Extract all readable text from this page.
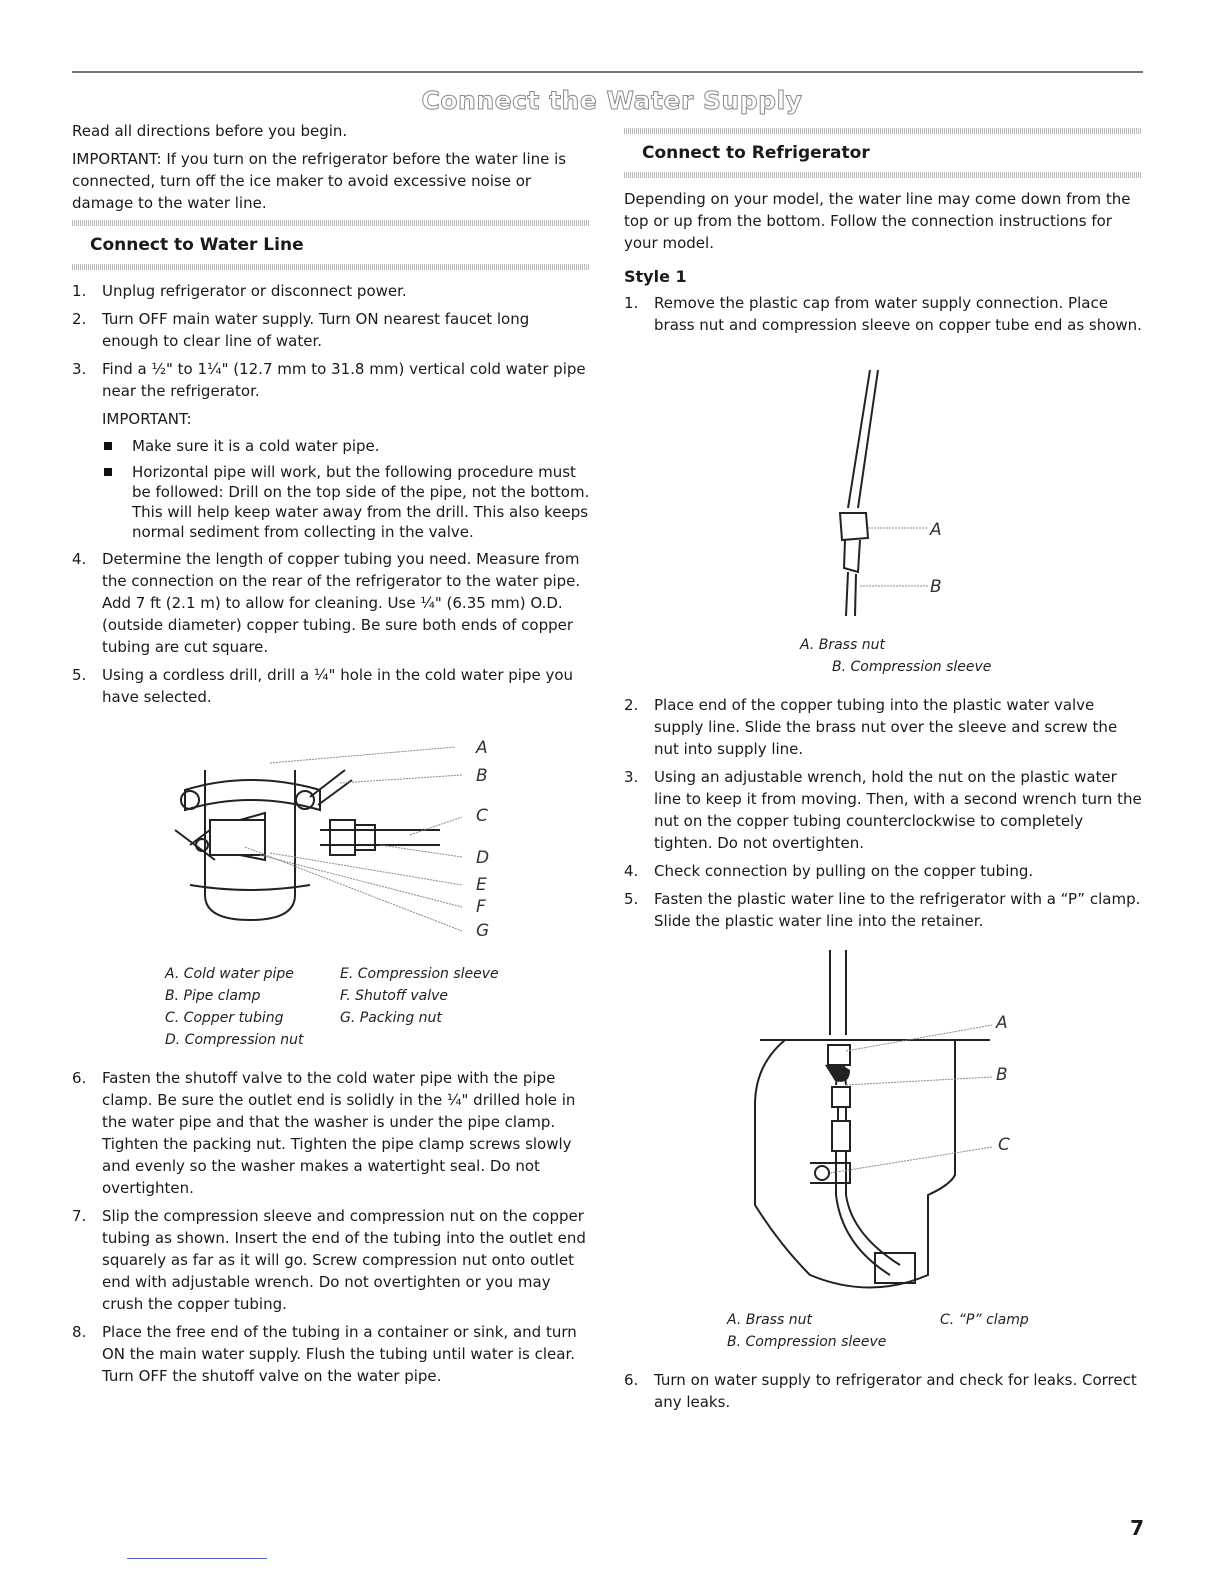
Connect the Water Supply

Read all directions before you begin.

IMPORTANT: If you turn on the refrigerator before the water line is connected, turn off the ice maker to avoid excessive noise or damage to the water line.

Connect to Water Line
1. Unplug refrigerator or disconnect power.
2. Turn OFF main water supply. Turn ON nearest faucet long enough to clear line of water.
3. Find a ½" to 1¼" (12.7 mm to 31.8 mm) vertical cold water pipe near the refrigerator.
IMPORTANT:
Make sure it is a cold water pipe.
Horizontal pipe will work, but the following procedure must be followed: Drill on the top side of the pipe, not the bottom. This will help keep water away from the drill. This also keeps normal sediment from collecting in the valve.
4. Determine the length of copper tubing you need. Measure from the connection on the rear of the refrigerator to the water pipe. Add 7 ft (2.1 m) to allow for cleaning. Use ¼" (6.35 mm) O.D. (outside diameter) copper tubing. Be sure both ends of copper tubing are cut square.
5. Using a cordless drill, drill a ¼" hole in the cold water pipe you have selected.
A
B
C
D
E
F
G
A. Cold water pipe
B. Pipe clamp
C. Copper tubing
D. Compression nut
E. Compression sleeve
F. Shutoff valve
G. Packing nut
6. Fasten the shutoff valve to the cold water pipe with the pipe clamp. Be sure the outlet end is solidly in the ¼" drilled hole in the water pipe and that the washer is under the pipe clamp. Tighten the packing nut. Tighten the pipe clamp screws slowly and evenly so the washer makes a watertight seal. Do not overtighten.
7. Slip the compression sleeve and compression nut on the copper tubing as shown. Insert the end of the tubing into the outlet end squarely as far as it will go. Screw compression nut onto outlet end with adjustable wrench. Do not overtighten or you may crush the copper tubing.
8. Place the free end of the tubing in a container or sink, and turn ON the main water supply. Flush the tubing until water is clear. Turn OFF the shutoff valve on the water pipe.
Connect to Refrigerator

Depending on your model, the water line may come down from the top or up from the bottom. Follow the connection instructions for your model.

Style 1
1. Remove the plastic cap from water supply connection. Place brass nut and compression sleeve on copper tube end as shown.
A
B
A. Brass nut
B. Compression sleeve
2. Place end of the copper tubing into the plastic water valve supply line. Slide the brass nut over the sleeve and screw the nut into supply line.
3. Using an adjustable wrench, hold the nut on the plastic water line to keep it from moving. Then, with a second wrench turn the nut on the copper tubing counterclockwise to completely tighten. Do not overtighten.
4. Check connection by pulling on the copper tubing.
5. Fasten the plastic water line to the refrigerator with a “P” clamp. Slide the plastic water line into the retainer.
A
B
C
A. Brass nut
B. Compression sleeve
C. “P” clamp
6. Turn on water supply to refrigerator and check for leaks. Correct any leaks.
7
